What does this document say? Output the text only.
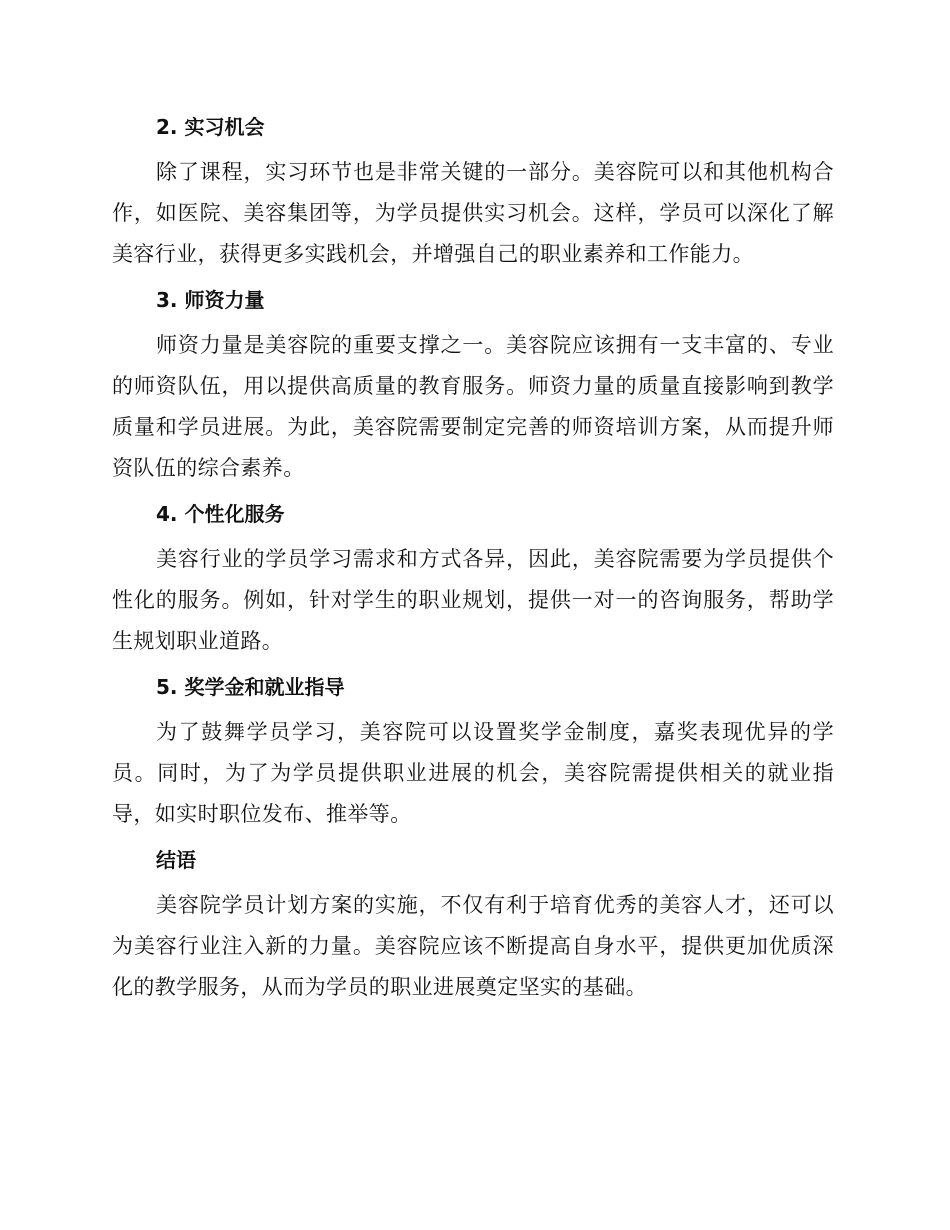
2. 实习机会

除了课程，实习环节也是非常关键的一部分。美容院可以和其他机构合作，如医院、美容集团等，为学员提供实习机会。这样，学员可以深化了解美容行业，获得更多实践机会，并增强自己的职业素养和工作能力。

3. 师资力量

师资力量是美容院的重要支撑之一。美容院应该拥有一支丰富的、专业的师资队伍，用以提供高质量的教育服务。师资力量的质量直接影响到教学质量和学员进展。为此，美容院需要制定完善的师资培训方案，从而提升师资队伍的综合素养。

4. 个性化服务

美容行业的学员学习需求和方式各异，因此，美容院需要为学员提供个性化的服务。例如，针对学生的职业规划，提供一对一的咨询服务，帮助学生规划职业道路。

5. 奖学金和就业指导

为了鼓舞学员学习，美容院可以设置奖学金制度，嘉奖表现优异的学员。同时，为了为学员提供职业进展的机会，美容院需提供相关的就业指导，如实时职位发布、推举等。

结语

美容院学员计划方案的实施，不仅有利于培育优秀的美容人才，还可以为美容行业注入新的力量。美容院应该不断提高自身水平，提供更加优质深化的教学服务，从而为学员的职业进展奠定坚实的基础。
